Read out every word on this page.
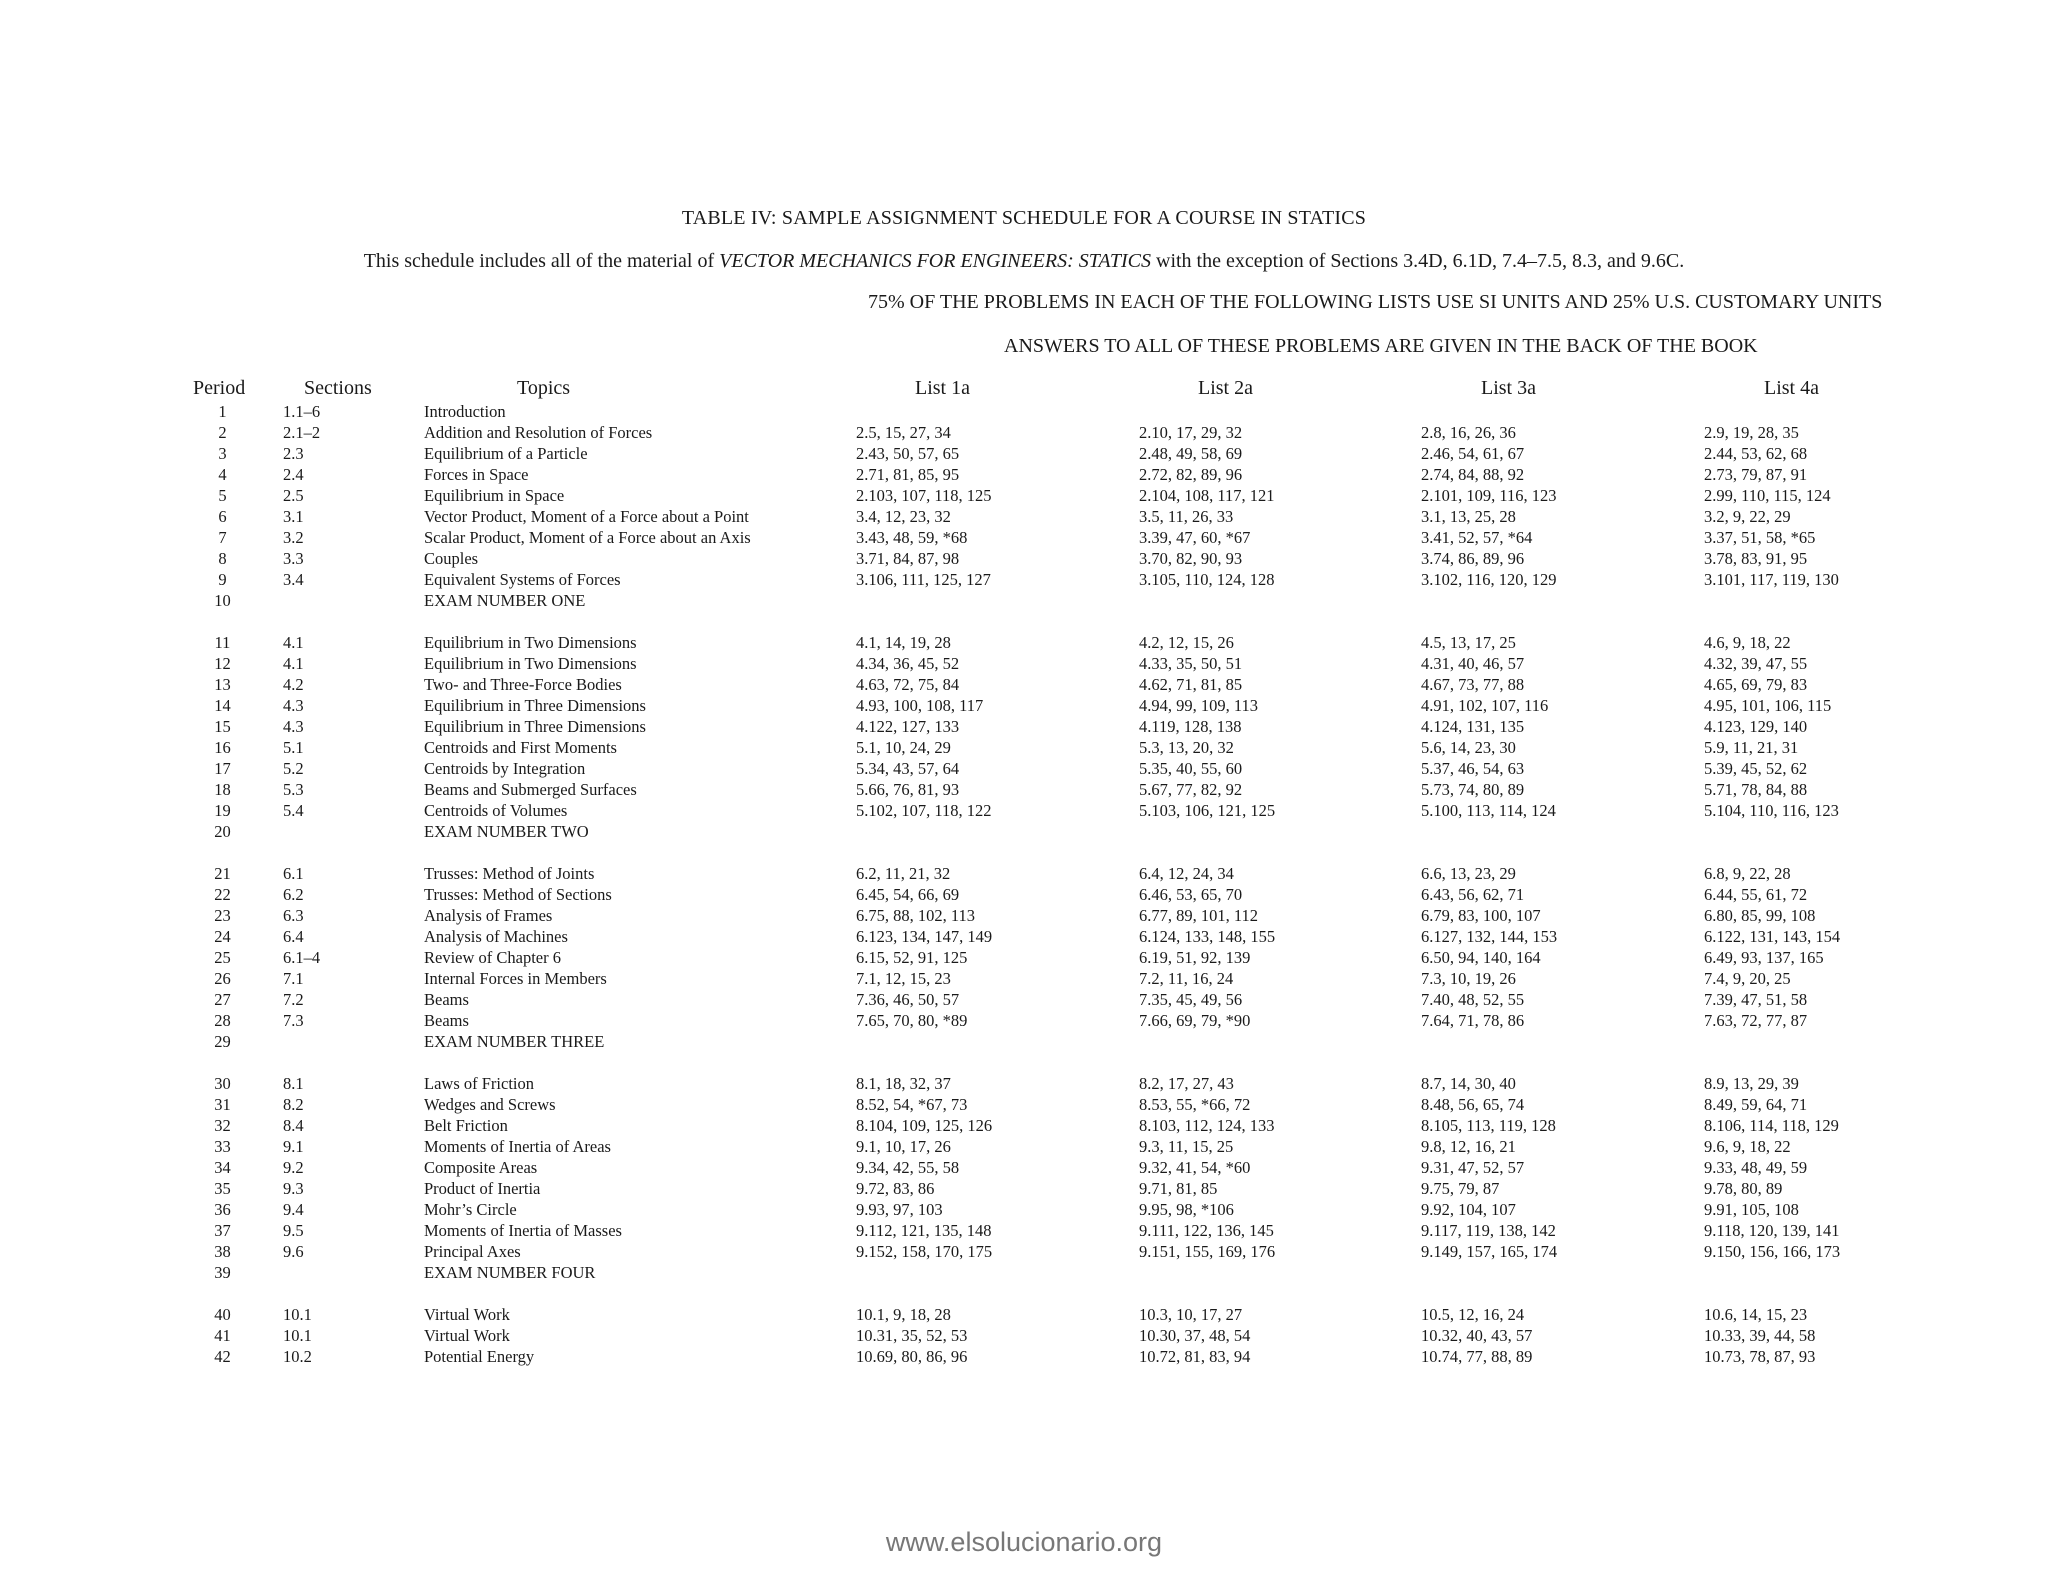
TABLE IV: SAMPLE ASSIGNMENT SCHEDULE FOR A COURSE IN STATICS
This schedule includes all of the material of VECTOR MECHANICS FOR ENGINEERS: STATICS with the exception of Sections 3.4D, 6.1D, 7.4–7.5, 8.3, and 9.6C.
75% OF THE PROBLEMS IN EACH OF THE FOLLOWING LISTS USE SI UNITS AND 25% U.S. CUSTOMARY UNITS
ANSWERS TO ALL OF THESE PROBLEMS ARE GIVEN IN THE BACK OF THE BOOK
Period	Sections	Topics	List 1a	List 2a	List 3a	List 4a
1	1.1–6	Introduction
2	2.1–2	Addition and Resolution of Forces	2.5, 15, 27, 34	2.10, 17, 29, 32	2.8, 16, 26, 36	2.9, 19, 28, 35
3	2.3	Equilibrium of a Particle	2.43, 50, 57, 65	2.48, 49, 58, 69	2.46, 54, 61, 67	2.44, 53, 62, 68
4	2.4	Forces in Space	2.71, 81, 85, 95	2.72, 82, 89, 96	2.74, 84, 88, 92	2.73, 79, 87, 91
5	2.5	Equilibrium in Space	2.103, 107, 118, 125	2.104, 108, 117, 121	2.101, 109, 116, 123	2.99, 110, 115, 124
6	3.1	Vector Product, Moment of a Force about a Point	3.4, 12, 23, 32	3.5, 11, 26, 33	3.1, 13, 25, 28	3.2, 9, 22, 29
7	3.2	Scalar Product, Moment of a Force about an Axis	3.43, 48, 59, *68	3.39, 47, 60, *67	3.41, 52, 57, *64	3.37, 51, 58, *65
8	3.3	Couples	3.71, 84, 87, 98	3.70, 82, 90, 93	3.74, 86, 89, 96	3.78, 83, 91, 95
9	3.4	Equivalent Systems of Forces	3.106, 111, 125, 127	3.105, 110, 124, 128	3.102, 116, 120, 129	3.101, 117, 119, 130
10	EXAM NUMBER ONE
11	4.1	Equilibrium in Two Dimensions	4.1, 14, 19, 28	4.2, 12, 15, 26	4.5, 13, 17, 25	4.6, 9, 18, 22
12	4.1	Equilibrium in Two Dimensions	4.34, 36, 45, 52	4.33, 35, 50, 51	4.31, 40, 46, 57	4.32, 39, 47, 55
13	4.2	Two- and Three-Force Bodies	4.63, 72, 75, 84	4.62, 71, 81, 85	4.67, 73, 77, 88	4.65, 69, 79, 83
14	4.3	Equilibrium in Three Dimensions	4.93, 100, 108, 117	4.94, 99, 109, 113	4.91, 102, 107, 116	4.95, 101, 106, 115
15	4.3	Equilibrium in Three Dimensions	4.122, 127, 133	4.119, 128, 138	4.124, 131, 135	4.123, 129, 140
16	5.1	Centroids and First Moments	5.1, 10, 24, 29	5.3, 13, 20, 32	5.6, 14, 23, 30	5.9, 11, 21, 31
17	5.2	Centroids by Integration	5.34, 43, 57, 64	5.35, 40, 55, 60	5.37, 46, 54, 63	5.39, 45, 52, 62
18	5.3	Beams and Submerged Surfaces	5.66, 76, 81, 93	5.67, 77, 82, 92	5.73, 74, 80, 89	5.71, 78, 84, 88
19	5.4	Centroids of Volumes	5.102, 107, 118, 122	5.103, 106, 121, 125	5.100, 113, 114, 124	5.104, 110, 116, 123
20	EXAM NUMBER TWO
21	6.1	Trusses: Method of Joints	6.2, 11, 21, 32	6.4, 12, 24, 34	6.6, 13, 23, 29	6.8, 9, 22, 28
22	6.2	Trusses: Method of Sections	6.45, 54, 66, 69	6.46, 53, 65, 70	6.43, 56, 62, 71	6.44, 55, 61, 72
23	6.3	Analysis of Frames	6.75, 88, 102, 113	6.77, 89, 101, 112	6.79, 83, 100, 107	6.80, 85, 99, 108
24	6.4	Analysis of Machines	6.123, 134, 147, 149	6.124, 133, 148, 155	6.127, 132, 144, 153	6.122, 131, 143, 154
25	6.1–4	Review of Chapter 6	6.15, 52, 91, 125	6.19, 51, 92, 139	6.50, 94, 140, 164	6.49, 93, 137, 165
26	7.1	Internal Forces in Members	7.1, 12, 15, 23	7.2, 11, 16, 24	7.3, 10, 19, 26	7.4, 9, 20, 25
27	7.2	Beams	7.36, 46, 50, 57	7.35, 45, 49, 56	7.40, 48, 52, 55	7.39, 47, 51, 58
28	7.3	Beams	7.65, 70, 80, *89	7.66, 69, 79, *90	7.64, 71, 78, 86	7.63, 72, 77, 87
29	EXAM NUMBER THREE
30	8.1	Laws of Friction	8.1, 18, 32, 37	8.2, 17, 27, 43	8.7, 14, 30, 40	8.9, 13, 29, 39
31	8.2	Wedges and Screws	8.52, 54, *67, 73	8.53, 55, *66, 72	8.48, 56, 65, 74	8.49, 59, 64, 71
32	8.4	Belt Friction	8.104, 109, 125, 126	8.103, 112, 124, 133	8.105, 113, 119, 128	8.106, 114, 118, 129
33	9.1	Moments of Inertia of Areas	9.1, 10, 17, 26	9.3, 11, 15, 25	9.8, 12, 16, 21	9.6, 9, 18, 22
34	9.2	Composite Areas	9.34, 42, 55, 58	9.32, 41, 54, *60	9.31, 47, 52, 57	9.33, 48, 49, 59
35	9.3	Product of Inertia	9.72, 83, 86	9.71, 81, 85	9.75, 79, 87	9.78, 80, 89
36	9.4	Mohr’s Circle	9.93, 97, 103	9.95, 98, *106	9.92, 104, 107	9.91, 105, 108
37	9.5	Moments of Inertia of Masses	9.112, 121, 135, 148	9.111, 122, 136, 145	9.117, 119, 138, 142	9.118, 120, 139, 141
38	9.6	Principal Axes	9.152, 158, 170, 175	9.151, 155, 169, 176	9.149, 157, 165, 174	9.150, 156, 166, 173
39	EXAM NUMBER FOUR
40	10.1	Virtual Work	10.1, 9, 18, 28	10.3, 10, 17, 27	10.5, 12, 16, 24	10.6, 14, 15, 23
41	10.1	Virtual Work	10.31, 35, 52, 53	10.30, 37, 48, 54	10.32, 40, 43, 57	10.33, 39, 44, 58
42	10.2	Potential Energy	10.69, 80, 86, 96	10.72, 81, 83, 94	10.74, 77, 88, 89	10.73, 78, 87, 93
www.elsolucionario.org
